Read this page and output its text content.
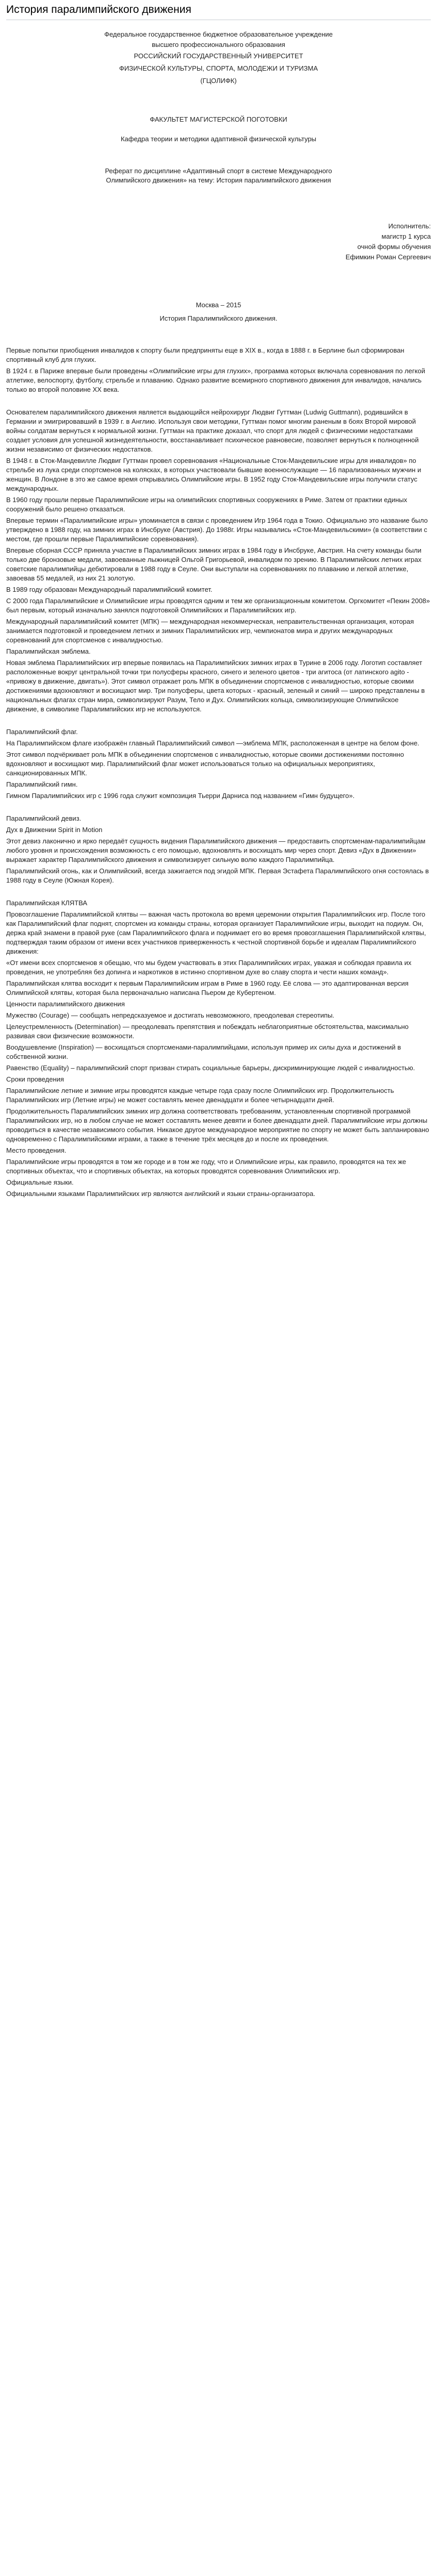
История паралимпийского движения

Федеральное государственное бюджетное образовательное учреждение

высшего профессионального образования

РОССИЙСКИЙ ГОСУДАРСТВЕННЫЙ УНИВЕРСИТЕТ

ФИЗИЧЕСКОЙ КУЛЬТУРЫ, СПОРТА, МОЛОДЕЖИ И ТУРИЗМА

(ГЦОЛИФК)

ФАКУЛЬТЕТ МАГИСТЕРСКОЙ ПОГОТОВКИ

Кафедра теории и методики адаптивной физической культуры

Реферат по дисциплине «Адаптивный спорт в системе Международного

Олимпийского движения» на тему: История паралимпийского движения

Исполнитель:

магистр 1 курса

очной формы обучения

Ефимкин Роман Сергеевич

Москва – 2015

История Паралимпийского движения.

Первые попытки приобщения инвалидов к спорту были предприняты еще в XIX в., когда в 1888 г. в Берлине был сформирован спортивный клуб для глухих.

В 1924 г. в Париже впервые были проведены «Олимпийские игры для глухих», программа которых включала соревнования по легкой атлетике, велоспорту, футболу, стрельбе и плаванию. Однако развитие всемирного спортивного движения для инвалидов, начались только во второй половине XX века.

Основателем паралимпийского движения является выдающийся нейрохирург Людвиг Гуттман (Ludwig Guttmann), родившийся в Германии и эмигрировавший в 1939 г. в Англию. Используя свои методики, Гуттман помог многим раненым в боях Второй мировой войны солдатам вернуться к нормальной жизни. Гуттман на практике доказал, что спорт для людей с физическими недостатками создает условия для успешной жизнедеятельности, восстанавливает психическое равновесие, позволяет вернуться к полноценной жизни независимо от физических недостатков.

В 1948 г. в Сток-Мандевилле Людвиг Гуттман провел соревнования «Национальные Сток-Мандевильские игры для инвалидов» по стрельбе из лука среди спортсменов на колясках, в которых участвовали бывшие военнослужащие — 16 парализованных мужчин и женщин. В Лондоне в это же самое время открывались Олимпийские игры. В 1952 году Сток-Мандевильские игры получили статус международных.

В 1960 году прошли первые Паралимпийские игры на олимпийских спортивных сооружениях в Риме. Затем от практики единых сооружений было решено отказаться.

Впервые термин «Паралимпийские игры» упоминается в связи с проведением Игр 1964 года в Токио. Официально это название было утверждено в 1988 году, на зимних играх в Инсбруке (Австрия). До 1988г. Игры назывались «Сток-Мандевильскими» (в соответствии с местом, где прошли первые Паралимпийские соревнования).

Впервые сборная СССР приняла участие в Паралимпийских зимних играх в 1984 году в Инсбруке, Австрия. На счету команды были только две бронзовые медали, завоеванные лыжницей Ольгой Григорьевой, инвалидом по зрению. В Паралимпийских летних играх советские паралимпийцы дебютировали в 1988 году в Сеуле. Они выступали на соревнованиях по плаванию и легкой атлетике, завоевав 55 медалей, из них 21 золотую.

В 1989 году образован Международный паралимпийский комитет.

С 2000 года Паралимпийские и Олимпийские игры проводятся одним и тем же организационным комитетом. Оргкомитет «Пекин 2008» был первым, который изначально занялся подготовкой Олимпийских и Паралимпийских игр.

Международный паралимпийский комитет (МПК) — международная некоммерческая, неправительственная организация, которая занимается подготовкой и проведением летних и зимних Паралимпийских игр, чемпионатов мира и других международных соревнований для спортсменов с инвалидностью.

Паралимпийская эмблема.

Новая эмблема Паралимпийских игр впервые появилась на Паралимпийских зимних играх в Турине в 2006 году. Логотип составляет расположенные вокруг центральной точки три полусферы красного, синего и зеленого цветов - три агитоса (от латинского agito - «привожу в движение, двигать»). Этот символ отражает роль МПК в объединении спортсменов с инвалидностью, которые своими достижениями вдохновляют и восхищают мир. Три полусферы, цвета которых - красный, зеленый и синий — широко представлены в национальных флагах стран мира, символизируют Разум, Тело и Дух. Олимпийских кольца, символизирующие Олимпийское движение, в символике Паралимпийских игр не используются.

Паралимпийский флаг.

На Паралимпийском флаге изображён главный Паралимпийский символ —эмблема МПК, расположенная в центре на белом фоне.

Этот символ подчёркивает роль МПК в объединении спортсменов с инвалидностью, которые своими достижениями постоянно вдохновляют и восхищают мир. Паралимпийский флаг может использоваться только на официальных мероприятиях, санкционированных МПК.

Паралимпийский гимн.

Гимном Паралимпийских игр с 1996 года служит композиция Тьерри Дарниса под названием «Гимн будущего».

Паралимпийский девиз.

Дух в Движении Spirit in Motion

Этот девиз лаконично и ярко передаёт сущность видения Паралимпийского движения — предоставить спортсменам-паралимпийцам любого уровня и происхождения возможность с его помощью, вдохновлять и восхищать мир через спорт. Девиз «Дух в Движении» выражает характер Паралимпийского движения и символизирует сильную волю каждого Паралимпийца.

Паралимпийский огонь, как и Олимпийский, всегда зажигается под эгидой МПК. Первая Эстафета Паралимпийского огня состоялась в 1988 году в Сеуле (Южная Корея).

Паралимпийская КЛЯТВА

Провозглашение Паралимпийской клятвы — важная часть протокола во время церемонии открытия Паралимпийских игр. После того как Паралимпийский флаг поднят, спортсмен из команды страны, которая организует Паралимпийские игры, выходит на подиум. Он, держа край знамени в правой руке (сам Паралимпийского флага и поднимает его во время провозглашения Паралимпийской клятвы, подтверждая таким образом от имени всех участников приверженность к честной спортивной борьбе и идеалам Паралимпийского движения:

«От имени всех спортсменов я обещаю, что мы будем участвовать в этих Паралимпийских играх, уважая и соблюдая правила их проведения, не употребляя без допинга и наркотиков в истинно спортивном духе во славу спорта и чести наших команд».

Паралимпийская клятва восходит к первым Паралимпийским играм в Риме в 1960 году. Её слова — это адаптированная версия Олимпийской клятвы, которая была первоначально написана Пьером де Кубертеном.

Ценности паралимпийского движения

Мужество (Courage) — сообщать непредсказуемое и достигать невозможного, преодолевая стереотипы.

Целеустремленность (Determination) — преодолевать препятствия и побеждать неблагоприятные обстоятельства, максимально развивая свои физические возможности.

Воодушевление (Inspiration) — восхищаться спортсменами-паралимпийцами, используя пример их силы духа и достижений в собственной жизни.

Равенство (Equality) – паралимпийский спорт призван стирать социальные барьеры, дискриминирующие людей с инвалидностью.

Сроки проведения

Паралимпийские летние и зимние игры проводятся каждые четыре года сразу после Олимпийских игр. Продолжительность Паралимпийских игр (Летние игры) не может составлять менее двенадцати и более четырнадцати дней.

Продолжительность Паралимпийских зимних игр должна соответствовать требованиям, установленным спортивной программой Паралимпийских игр, но в любом случае не может составлять менее девяти и более двенадцати дней. Паралимпийские игры должны проводиться в качестве независимого события. Никакое другое международное мероприятие по спорту не может быть запланировано одновременно с Паралимпийскими играми, а также в течение трёх месяцев до и после их проведения.

Место проведения.

Паралимпийские игры проводятся в том же городе и в том же году, что и Олимпийские игры, как правило, проводятся на тех же спортивных объектах, что и спортивных объектах, на которых проводятся соревнования Олимпийских игр.

Официальные языки.

Официальными языками Паралимпийских игр являются английский и языки страны-организатора.
